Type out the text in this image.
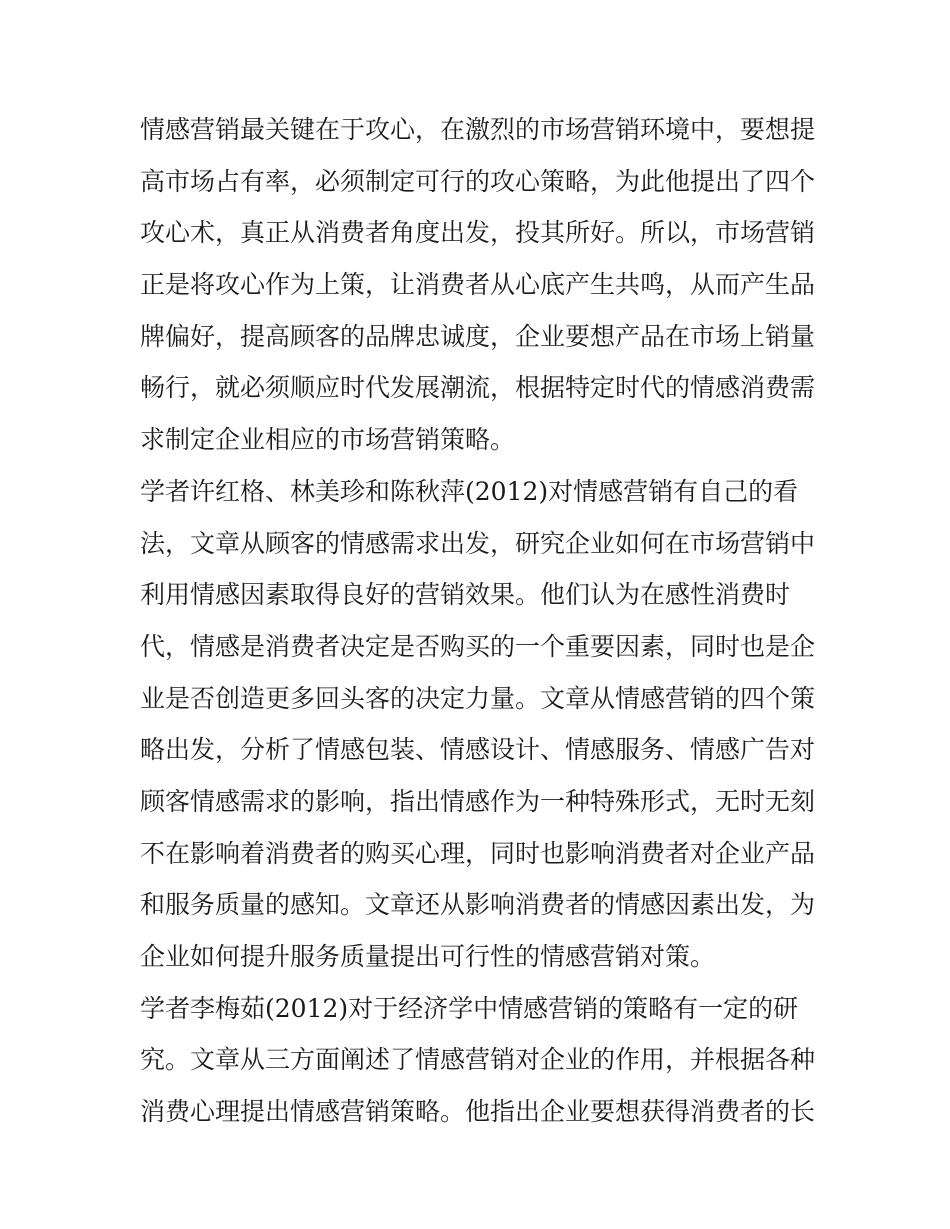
情感营销最关键在于攻心，在激烈的市场营销环境中，要想提
高市场占有率，必须制定可行的攻心策略，为此他提出了四个
攻心术，真正从消费者角度出发，投其所好。所以，市场营销
正是将攻心作为上策，让消费者从心底产生共鸣，从而产生品
牌偏好，提高顾客的品牌忠诚度，企业要想产品在市场上销量
畅行，就必须顺应时代发展潮流，根据特定时代的情感消费需
求制定企业相应的市场营销策略。
学者许红格、林美珍和陈秋萍(2012)对情感营销有自己的看
法，文章从顾客的情感需求出发，研究企业如何在市场营销中
利用情感因素取得良好的营销效果。他们认为在感性消费时
代，情感是消费者决定是否购买的一个重要因素，同时也是企
业是否创造更多回头客的决定力量。文章从情感营销的四个策
略出发，分析了情感包装、情感设计、情感服务、情感广告对
顾客情感需求的影响，指出情感作为一种特殊形式，无时无刻
不在影响着消费者的购买心理，同时也影响消费者对企业产品
和服务质量的感知。文章还从影响消费者的情感因素出发，为
企业如何提升服务质量提出可行性的情感营销对策。
学者李梅茹(2012)对于经济学中情感营销的策略有一定的研
究。文章从三方面阐述了情感营销对企业的作用，并根据各种
消费心理提出情感营销策略。他指出企业要想获得消费者的长
